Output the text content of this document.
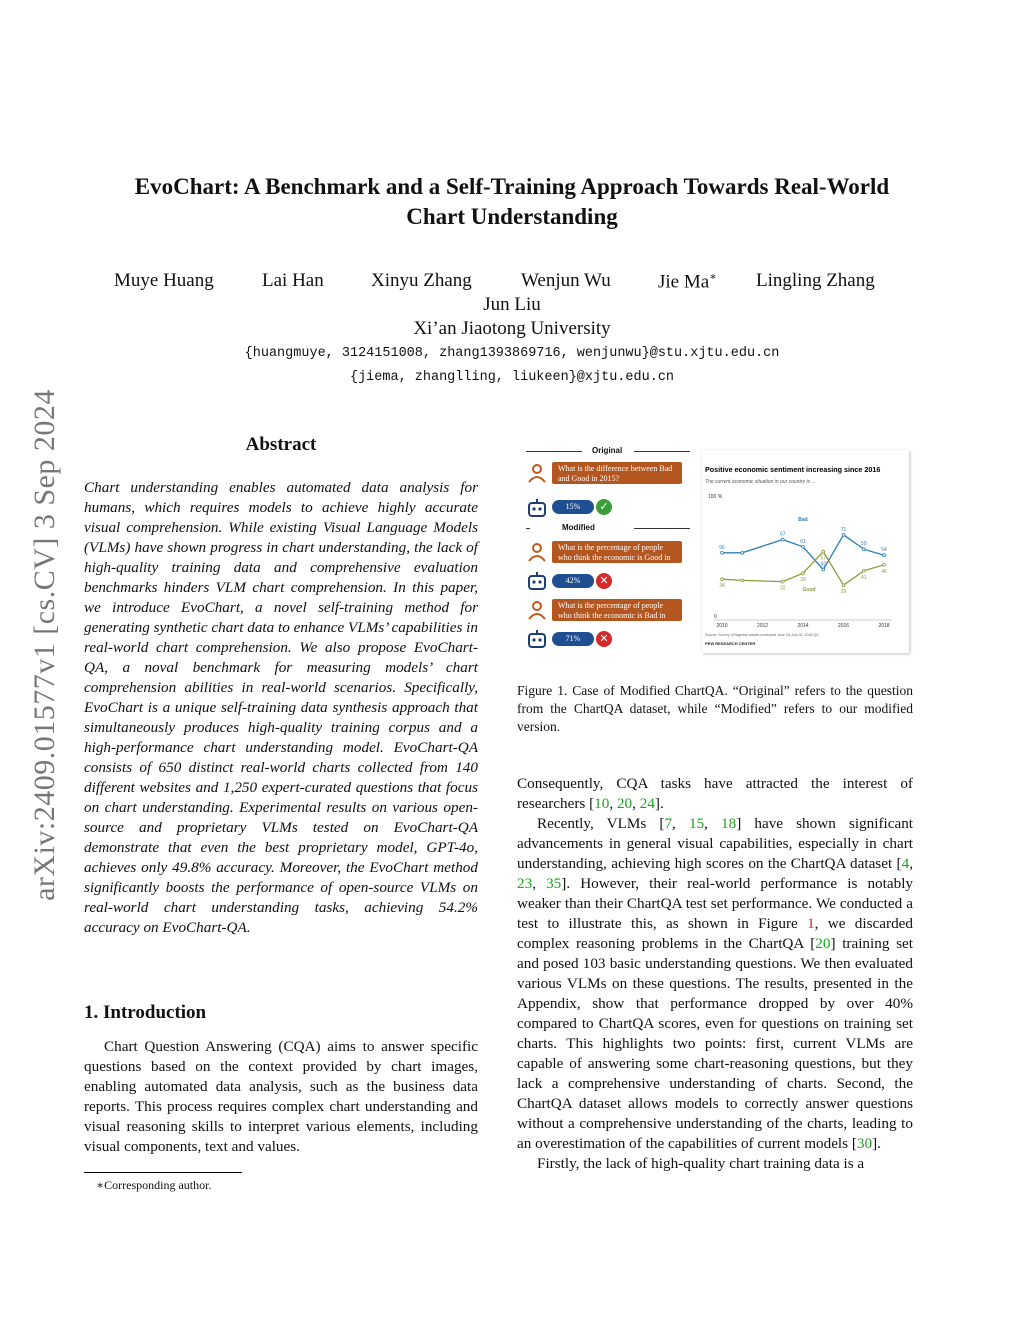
arXiv:2409.01577v1 [cs.CV] 3 Sep 2024
EvoChart: A Benchmark and a Self-Training Approach Towards Real-World
Chart Understanding
Muye Huang	Lai Han Xinyu Zhang	Wenjun Wu Jie Ma∗ Lingling Zhang
Jun Liu
Xi’an Jiaotong University
{huangmuye, 3124151008, zhang1393869716, wenjunwu}@stu.xjtu.edu.cn
{jiema, zhanglling, liukeen}@xjtu.edu.cn
Abstract
Chart understanding enables automated data analysis for humans, which requires models to achieve highly accurate visual comprehension. While existing Visual Language Models (VLMs) have shown progress in chart understanding, the lack of high-quality training data and comprehensive evaluation benchmarks hinders VLM chart comprehension. In this paper, we introduce EvoChart, a novel self-training method for generating synthetic chart data to enhance VLMs’ capabilities in real-world chart comprehension. We also propose EvoChart-QA, a noval benchmark for measuring models’ chart comprehension abilities in real-world scenarios. Specifically, EvoChart is a unique self-training data synthesis approach that simultaneously produces high-quality training corpus and a high-performance chart understanding model. EvoChart-QA consists of 650 distinct real-world charts collected from 140 different websites and 1,250 expert-curated questions that focus on chart understanding. Experimental results on various open-source and proprietary VLMs tested on EvoChart-QA demonstrate that even the best proprietary model, GPT-4o, achieves only 49.8% accuracy. Moreover, the EvoChart method significantly boosts the performance of open-source VLMs on real-world chart understanding tasks, achieving 54.2% accuracy on EvoChart-QA.
1. Introduction
Chart Question Answering (CQA) aims to answer specific questions based on the context provided by chart images, enabling automated data analysis, such as the business data reports. This process requires complex chart understanding and visual reasoning skills to interpret various elements, including visual components, text and values.
∗Corresponding author.
Original
What is the difference between Bad and Good in 2015?
15%	✓
Modified
What is the percentage of people who think the economic is Good in 2015?
42%	✕
What is the percentage of people who think the economic is Bad in 2015?
71%	✕
Positive economic sentiment increasing since 2016
The current economic situation in our country is ...
100 %
0
2010	2012	2014	2016	2018
56
67
61
42
71
59
54
Bad
34	32
39
57
29
41
46
Good
Source: Survey of Nigerian adults conducted June 28-July 30, 2018-Q2.
PEW RESEARCH CENTER
Figure 1. Case of Modified ChartQA. “Original” refers to the question from the ChartQA dataset, while “Modified” refers to our modified version.

Consequently, CQA tasks have attracted the interest of researchers [10, 20, 24].

Recently, VLMs [7, 15, 18] have shown significant advancements in general visual capabilities, especially in chart understanding, achieving high scores on the ChartQA dataset [4, 23, 35]. However, their real-world performance is notably weaker than their ChartQA test set performance. We conducted a test to illustrate this, as shown in Figure 1, we discarded complex reasoning problems in the ChartQA [20] training set and posed 103 basic understanding questions. We then evaluated various VLMs on these questions. The results, presented in the Appendix, show that performance dropped by over 40% compared to ChartQA scores, even for questions on training set charts. This highlights two points: first, current VLMs are capable of answering some chart-reasoning questions, but they lack a comprehensive understanding of charts. Second, the ChartQA dataset allows models to correctly answer questions without a comprehensive understanding of the charts, leading to an overestimation of the capabilities of current models [30].

Firstly, the lack of high-quality chart training data is a
